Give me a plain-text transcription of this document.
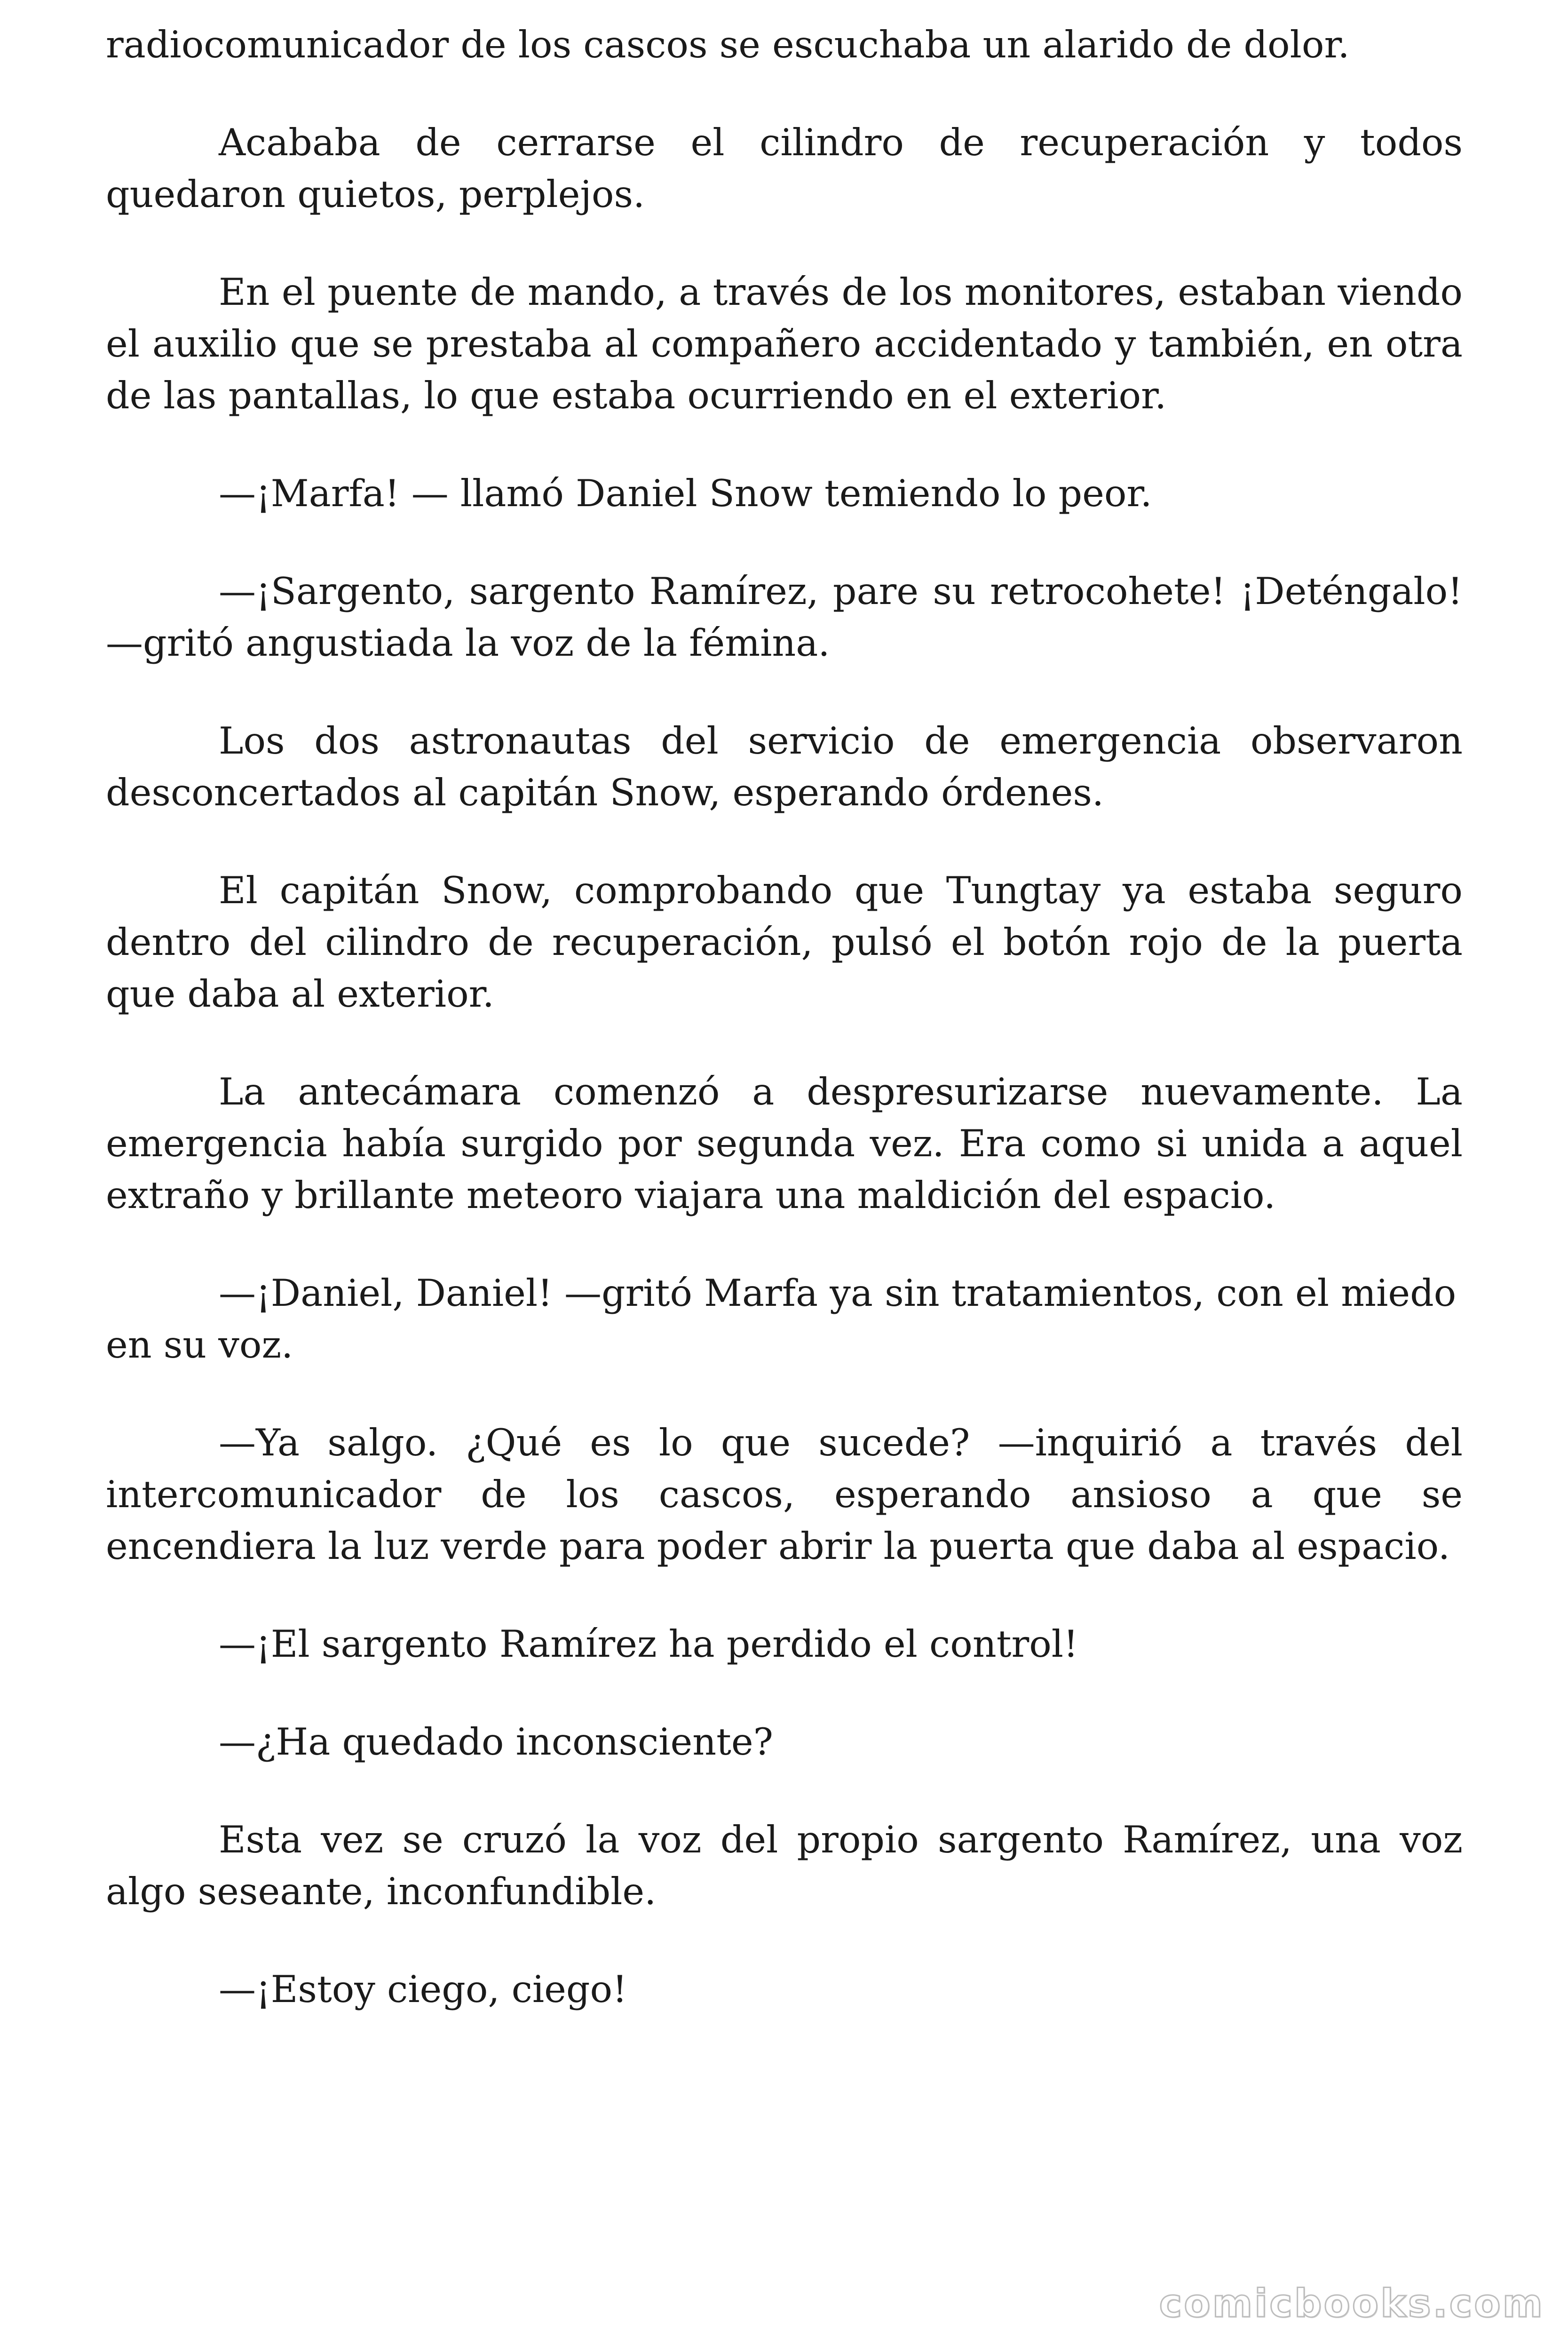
radiocomunicador de los cascos se escuchaba un alarido de dolor.

Acababa de cerrarse el cilindro de recuperación y todos quedaron quietos, perplejos.

En el puente de mando, a través de los monitores, estaban viendo el auxilio que se prestaba al compañero accidentado y también, en otra de las pantallas, lo que estaba ocurriendo en el exterior.

—¡Marfa! — llamó Daniel Snow temiendo lo peor.

—¡Sargento, sargento Ramírez, pare su retrocohete! ¡Deténgalo! —gritó angustiada la voz de la fémina.

Los dos astronautas del servicio de emergencia observaron desconcertados al capitán Snow, esperando órdenes.

El capitán Snow, comprobando que Tungtay ya estaba seguro dentro del cilindro de recuperación, pulsó el botón rojo de la puerta que daba al exterior.

La antecámara comenzó a despresurizarse nuevamente. La emergencia había surgido por segunda vez. Era como si unida a aquel extraño y brillante meteoro viajara una maldición del espacio.

—¡Daniel, Daniel! —gritó Marfa ya sin tratamientos, con el miedo en su voz.

—Ya salgo. ¿Qué es lo que sucede? —inquirió a través del intercomunicador de los cascos, esperando ansioso a que se encendiera la luz verde para poder abrir la puerta que daba al espacio.

—¡El sargento Ramírez ha perdido el control!

—¿Ha quedado inconsciente?

Esta vez se cruzó la voz del propio sargento Ramírez, una voz algo seseante, inconfundible.

—¡Estoy ciego, ciego!

comicbooks.com
